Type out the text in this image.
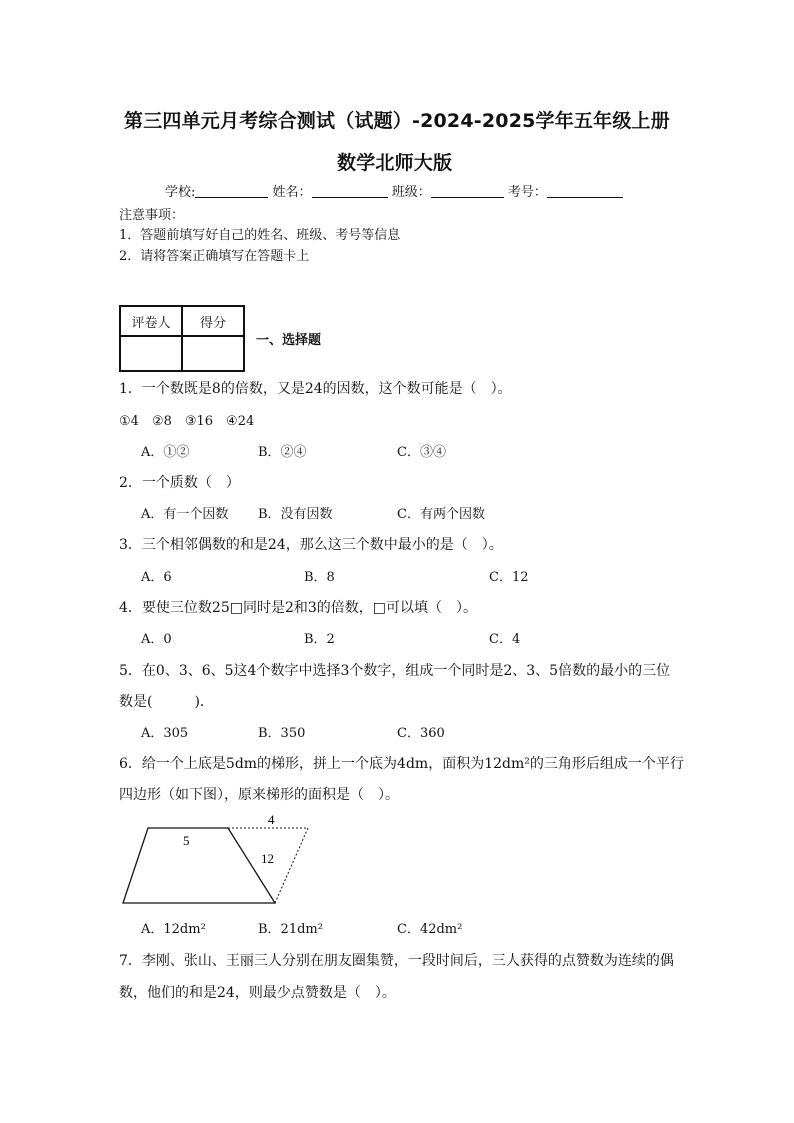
第三四单元月考综合测试（试题）-2024-2025学年五年级上册
数学北师大版
学校:	姓名：	班级：	考号：
注意事项：
1．答题前填写好自己的姓名、班级、考号等信息
2．请将答案正确填写在答题卡上
评卷人	得分

一、选择题
1．一个数既是8的倍数，又是24的因数，这个数可能是（　）。
①4　②8　③16　④24
A．①②	B．②④	C．③④
2．一个质数（　）
A．有一个因数 B．没有因数	C．有两个因数
3．三个相邻偶数的和是24，那么这三个数中最小的是（　）。
A．6	B．8	C．12
4．要使三位数25□同时是2和3的倍数，□可以填（　）。
A．0	B．2	C．4
5．在0、3、6、5这4个数字中选择3个数字，组成一个同时是2、3、5倍数的最小的三位
数是(　　　)．
A．305	B．350	C．360
6．给一个上底是5dm的梯形，拼上一个底为4dm，面积为12dm²的三角形后组成一个平行
四边形（如下图），原来梯形的面积是（　）。
5
4
12
A．12dm²	B．21dm²	C．42dm²
7．李刚、张山、王丽三人分别在朋友圈集赞，一段时间后，三人获得的点赞数为连续的偶
数，他们的和是24，则最少点赞数是（　）。
